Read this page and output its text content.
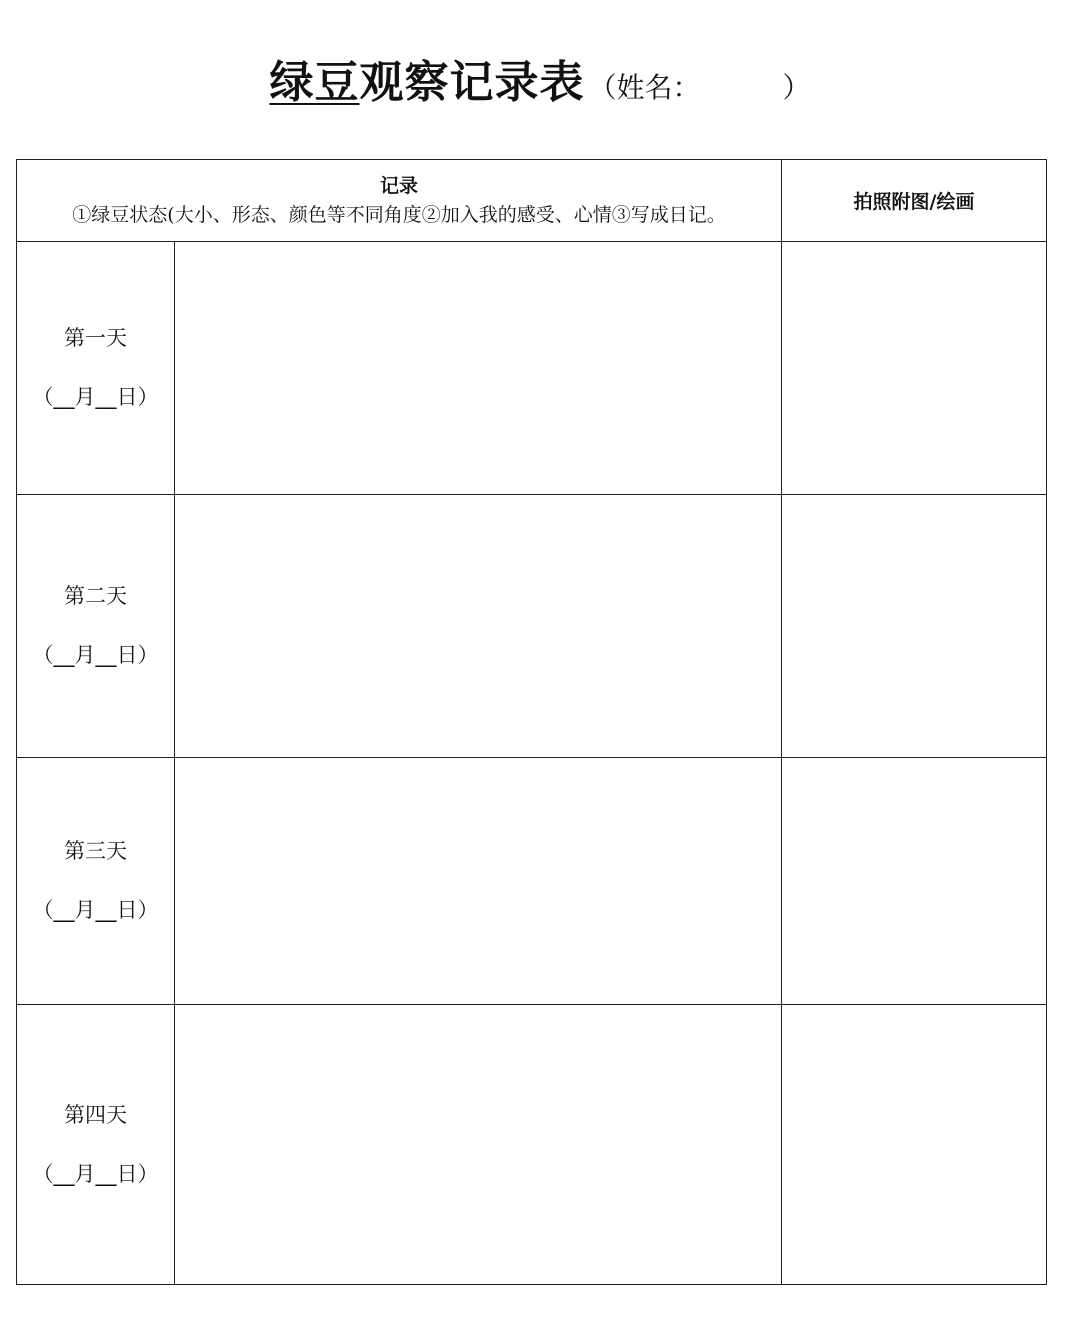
绿豆观察记录表 （姓名：	）
记录
①绿豆状态(大小、形态、颜色等不同角度②加入我的感受、心情③写成日记。		拍照附图/绘画

第一天
（__月__日）		

第二天
（__月__日）		

第三天
（__月__日）		

第四天
（__月__日）		
